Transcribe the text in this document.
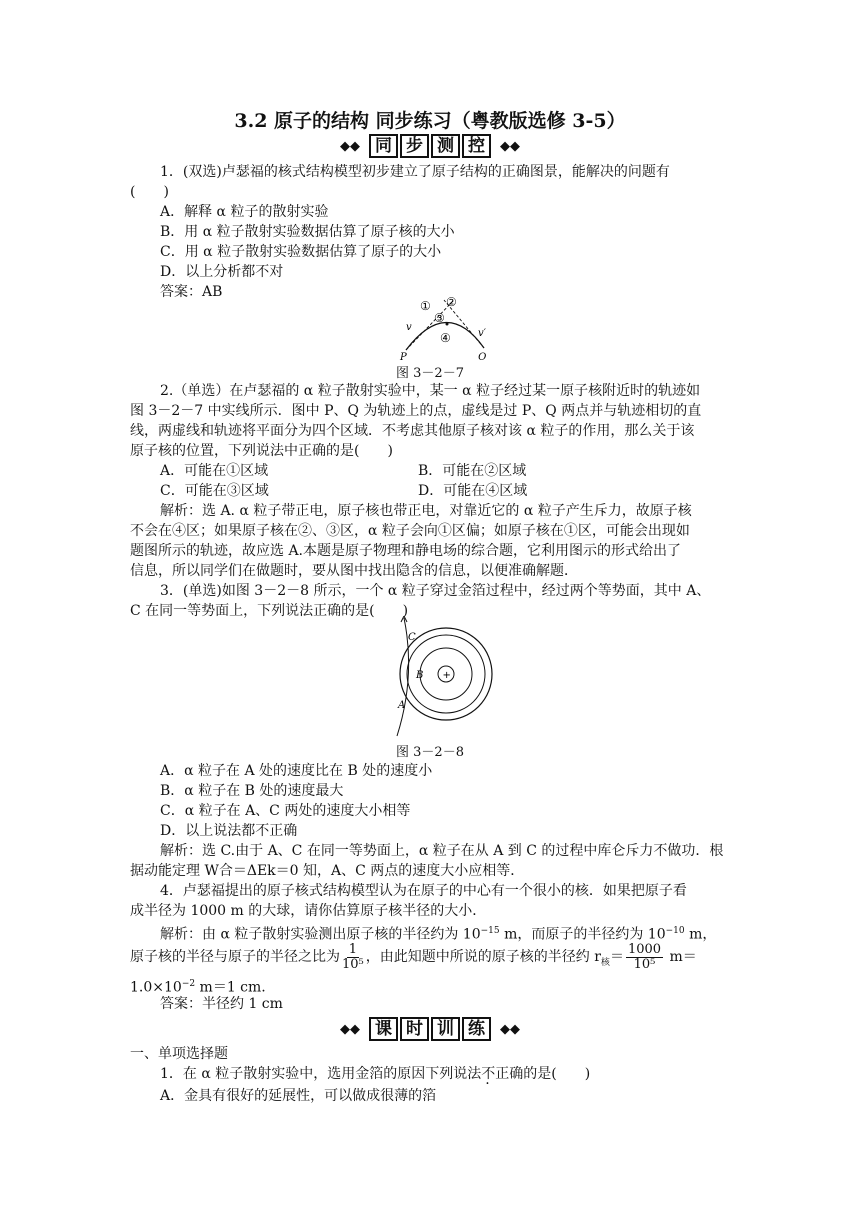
3.2 原子的结构 同步练习（粤教版选修 3-5）
◆◆ 同 步 测 控	◆◆
1．(双选)卢瑟福的核式结构模型初步建立了原子结构的正确图景，能解决的问题有
(　　)
A．解释 α 粒子的散射实验
B．用 α 粒子散射实验数据估算了原子核的大小
C．用 α 粒子散射实验数据估算了原子的大小
D．以上分析都不对
答案：AB
① ②
③
④
P	Q
v
v′
图 3－2－7
2.（单选）在卢瑟福的 α 粒子散射实验中，某一 α 粒子经过某一原子核附近时的轨迹如
图 3－2－7 中实线所示．图中 P、Q 为轨迹上的点，虚线是过 P、Q 两点并与轨迹相切的直
线，两虚线和轨迹将平面分为四个区域．不考虑其他原子核对该 α 粒子的作用，那么关于该
原子核的位置，下列说法中正确的是(　　)
A．可能在①区域	B．可能在②区域
C．可能在③区域	D．可能在④区域
解析：选 A. α 粒子带正电，原子核也带正电，对靠近它的 α 粒子产生斥力，故原子核
不会在④区；如果原子核在②、③区，α 粒子会向①区偏；如原子核在①区，可能会出现如
题图所示的轨迹，故应选 A.本题是原子物理和静电场的综合题，它利用图示的形式给出了
信息，所以同学们在做题时，要从图中找出隐含的信息，以便准确解题．
3．(单选)如图 3－2－8 所示，一个 α 粒子穿过金箔过程中，经过两个等势面，其中 A、
C 在同一等势面上，下列说法正确的是(　　)
+
C
B
A
图 3－2－8
A．α 粒子在 A 处的速度比在 B 处的速度小
B．α 粒子在 B 处的速度最大
C．α 粒子在 A、C 两处的速度大小相等
D．以上说法都不正确
解析：选 C.由于 A、C 在同一等势面上，α 粒子在从 A 到 C 的过程中库仑斥力不做功．根
据动能定理 W合＝ΔEk＝0 知，A、C 两点的速度大小应相等．
4．卢瑟福提出的原子核式结构模型认为在原子的中心有一个很小的核．如果把原子看
成半径为 1000 m 的大球，请你估算原子核半径的大小．
解析：由 α 粒子散射实验测出原子核的半径约为 $10^{-15}$ m，而原子的半径约为 $10^{-10}$ m，
原子核的半径与原子的半径之比为 $\frac{1}{\text{10⁵}}$ ，由此知题中所说的原子核的半径约 $r_核= \frac{1000}{\text{10⁵}} m=$
$1.0\times 10^{-2}$ m＝1 cm.
答案：半径约 1 cm
◆◆ 课 时 训 练	◆◆
一、单项选择题
1．在 α 粒子散射实验中，选用金箔的原因下列说法不正确的是(　　)
A．金具有很好的延展性，可以做成很薄的箔
